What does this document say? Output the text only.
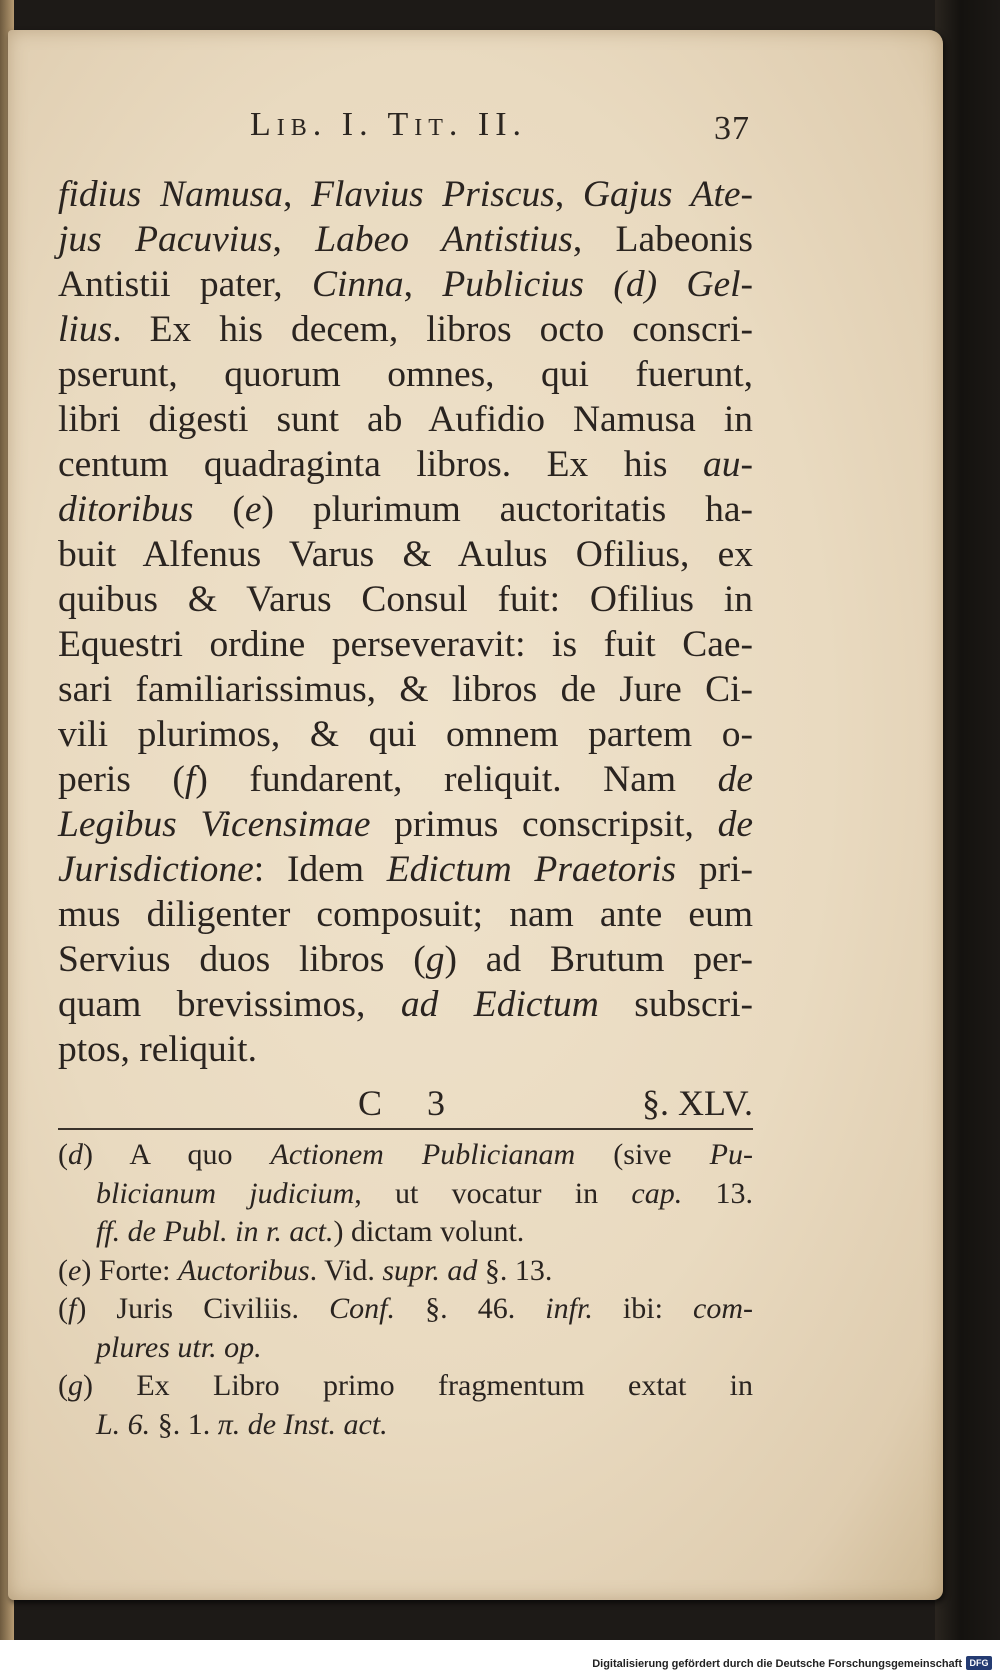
Lib. I. Tit. II.	37
fidius Namusa, Flavius Priscus, Gajus Ate-
jus Pacuvius, Labeo Antistius, Labeonis
Antistii pater, Cinna, Publicius (d) Gel-
lius. Ex his decem, libros octo conscri-
pserunt, quorum omnes, qui fuerunt,
libri digesti sunt ab Aufidio Namusa in
centum quadraginta libros. Ex his au-
ditoribus (e) plurimum auctoritatis ha-
buit Alfenus Varus & Aulus Ofilius, ex
quibus & Varus Consul fuit: Ofilius in
Equestri ordine perseveravit: is fuit Cae-
sari familiarissimus, & libros de Jure Ci-
vili plurimos, & qui omnem partem o-
peris (f) fundarent, reliquit. Nam de
Legibus Vicensimae primus conscripsit, de
Jurisdictione: Idem Edictum Praetoris pri-
mus diligenter composuit; nam ante eum
Servius duos libros (g) ad Brutum per-
quam brevissimos, ad Edictum subscri-
ptos, reliquit.
C 3	§. XLV.
(d) A quo Actionem Publicianam (sive Pu-
blicianum judicium, ut vocatur in cap. 13.
ff. de Publ. in r. act.) dictam volunt.
(e) Forte: Auctoribus. Vid. supr. ad §. 13.
(f) Juris Civiliis. Conf. §. 46. infr. ibi: com-
plures utr. op.
(g) Ex Libro primo fragmentum extat in
L. 6. §. 1. π. de Inst. act.
Digitalisierung gefördert durch die Deutsche Forschungsgemeinschaft DFG
